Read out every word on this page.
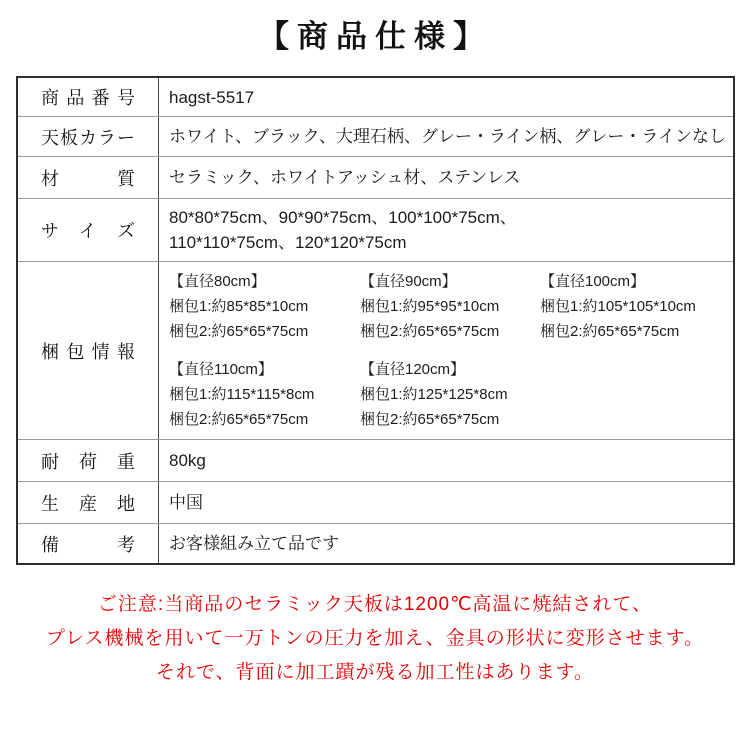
【商品仕様】
商品番号 hagst-5517
天板カラー ホワイト、ブラック、大理石柄、グレー・ライン柄、グレー・ラインなし
材質 セラミック、ホワイトアッシュ材、ステンレス
サイズ
80*80*75cm、90*90*75cm、100*100*75cm、
110*110*75cm、120*120*75cm
梱包情報
【直径80cm】
梱包1:約85*85*10cm
梱包2:約65*65*75cm
【直径90cm】
梱包1:約95*95*10cm
梱包2:約65*65*75cm
【直径100cm】
梱包1:約105*105*10cm
梱包2:約65*65*75cm
【直径110cm】
梱包1:約115*115*8cm
梱包2:約65*65*75cm
【直径120cm】
梱包1:約125*125*8cm
梱包2:約65*65*75cm
耐荷重 80kg
生産地 中国
備考 お客様組み立て品です
ご注意:当商品のセラミック天板は1200℃高温に焼結されて、
プレス機械を用いて一万トンの圧力を加え、金具の形状に変形させます。
それで、背面に加工蹟が残る加工性はあります。
